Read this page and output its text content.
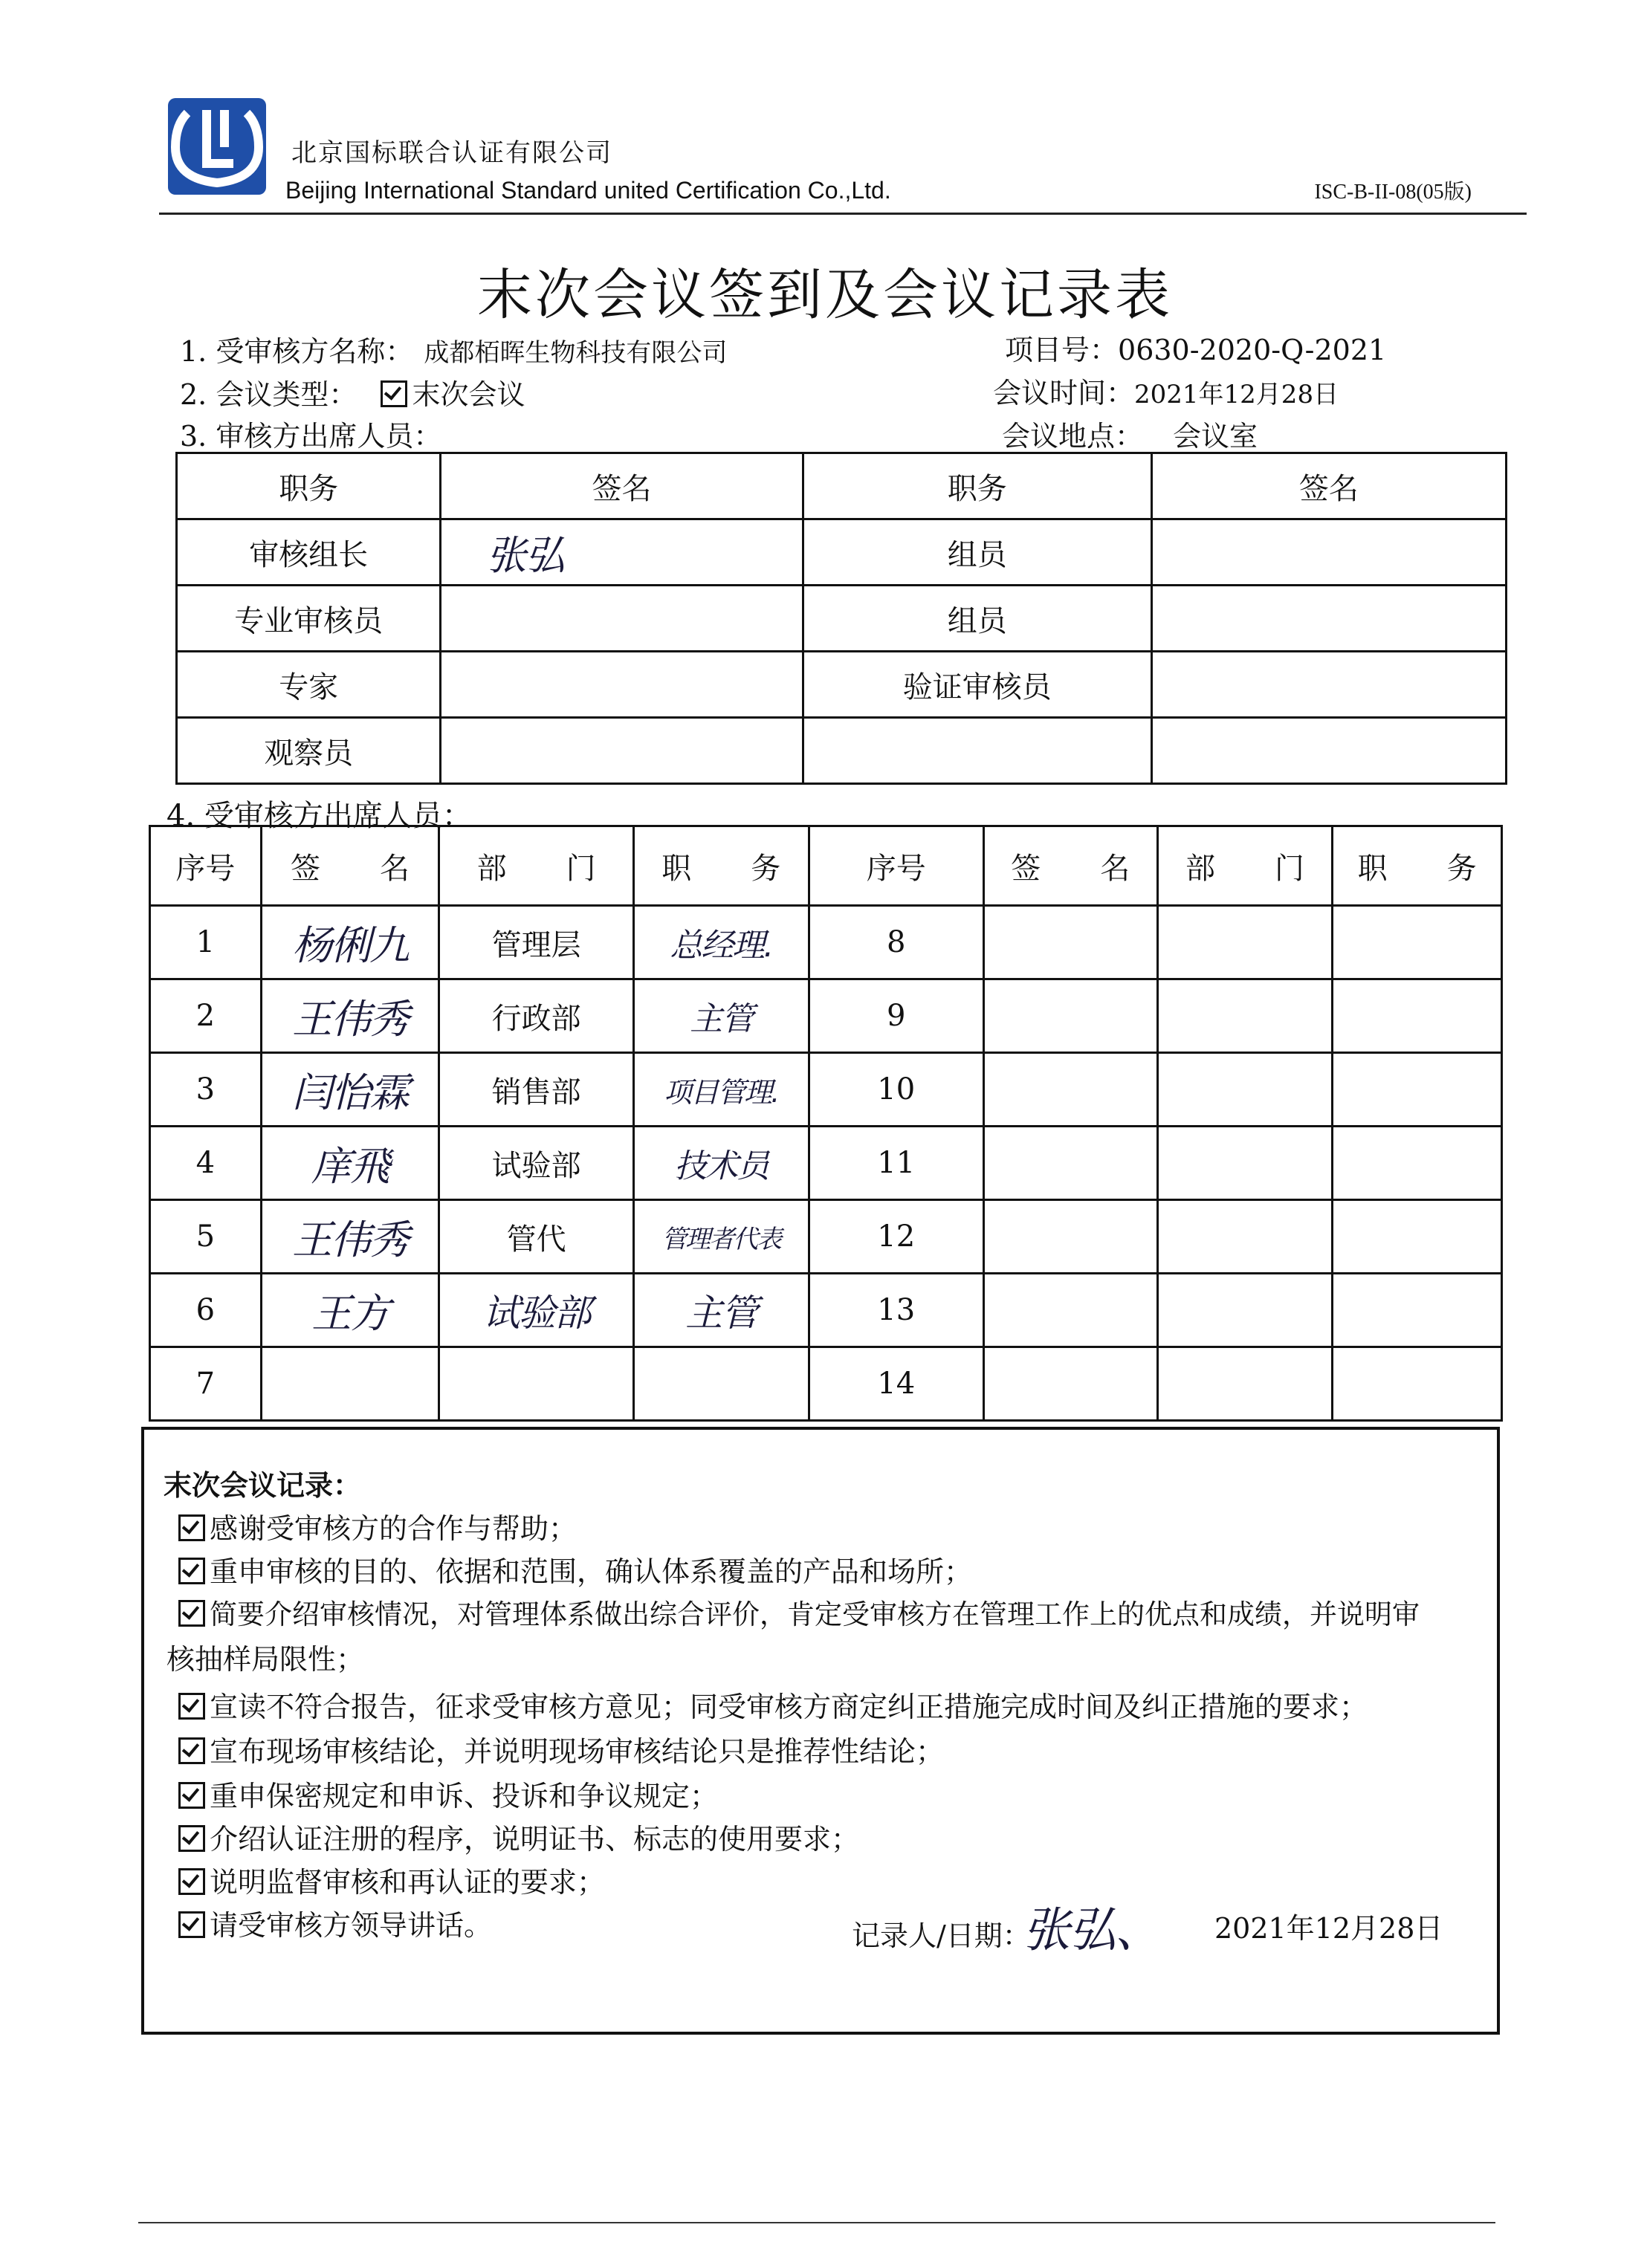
北京国标联合认证有限公司
Beijing International Standard united Certification Co.,Ltd.	ISC-B-II-08(05版)
末次会议签到及会议记录表
1. 受审核方名称： 成都栢晖生物科技有限公司	项目号：0630-2020-Q-2021
2. 会议类型： 末次会议	会议时间：2021年12月28日
3. 审核方出席人员：	会议地点： 会议室
职务	签名	职务	签名
审核组长	张弘	组员	
专业审核员		组员	
专家		验证审核员	
观察员			
4. 受审核方出席人员：
序号	签　　名	部　　门	职　　务	序号	签　　名	部　　门	职　　务
1	杨俐九	管理层	总经理.	8			
2	王伟秀	行政部	主管	9			
3	闫怡霖	销售部	项目管理.	10			
4	庠飛	试验部	技术员	11			
5	王伟秀	管代	管理者代表	12			
6	王方	试验部	主管	13			
7				14			
末次会议记录：
感谢受审核方的合作与帮助；
重申审核的目的、依据和范围，确认体系覆盖的产品和场所；
简要介绍审核情况，对管理体系做出综合评价，肯定受审核方在管理工作上的优点和成绩，并说明审
核抽样局限性；
宣读不符合报告，征求受审核方意见；同受审核方商定纠正措施完成时间及纠正措施的要求；
宣布现场审核结论，并说明现场审核结论只是推荐性结论；
重申保密规定和申诉、投诉和争议规定；
介绍认证注册的程序，说明证书、标志的使用要求；
说明监督审核和再认证的要求；
请受审核方领导讲话。	记录人/日期：
张弘、 2021年12月28日
